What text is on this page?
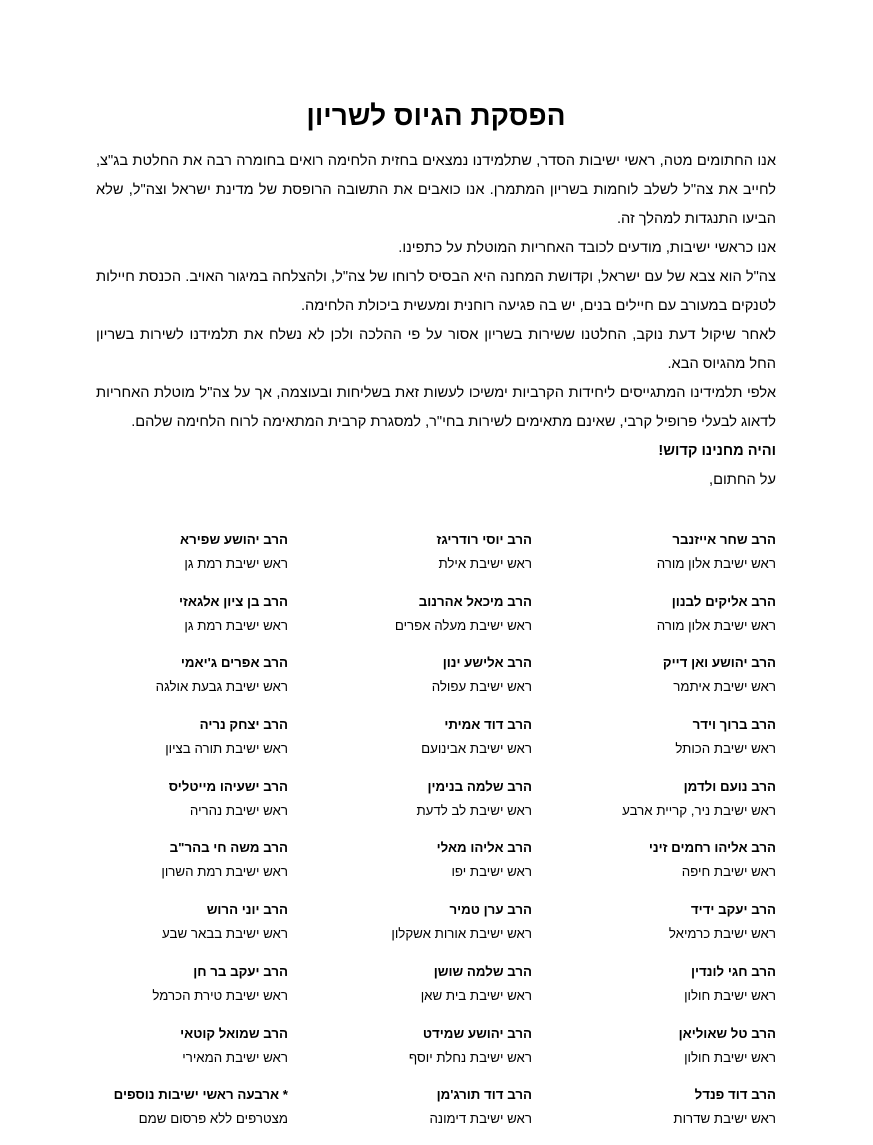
הפסקת הגיוס לשריון

אנו החתומים מטה, ראשי ישיבות הסדר, שתלמידנו נמצאים בחזית הלחימה רואים בחומרה רבה את החלטת בג"צ, לחייב את צה"ל לשלב לוחמות בשריון המתמרן. אנו כואבים את התשובה הרופסת של מדינת ישראל וצה"ל, שלא הביעו התנגדות למהלך זה.

אנו כראשי ישיבות, מודעים לכובד האחריות המוטלת על כתפינו.

צה"ל הוא צבא של עם ישראל, וקדושת המחנה היא הבסיס לרוחו של צה"ל, ולהצלחה במיגור האויב. הכנסת חיילות לטנקים במעורב עם חיילים בנים, יש בה פגיעה רוחנית ומעשית ביכולת הלחימה.

לאחר שיקול דעת נוקב, החלטנו ששירות בשריון אסור על פי ההלכה ולכן לא נשלח את תלמידנו לשירות בשריון החל מהגיוס הבא.

אלפי תלמידינו המתגייסים ליחידות הקרביות ימשיכו לעשות זאת בשליחות ובעוצמה, אך על צה"ל מוטלת האחריות לדאוג לבעלי פרופיל קרבי, שאינם מתאימים לשירות בחי"ר, למסגרת קרבית המתאימה לרוח הלחימה שלהם.

והיה מחנינו קדוש!

על החתום,

הרב שחר אייזנבר
ראש ישיבת אלון מורה
הרב יוסי רודריגז
ראש ישיבת אילת
הרב יהושע שפירא
ראש ישיבת רמת גן
הרב אליקים לבנון
ראש ישיבת אלון מורה
הרב מיכאל אהרנוב
ראש ישיבת מעלה אפרים
הרב בן ציון אלגאזי
ראש ישיבת רמת גן
הרב יהושע ואן דייק
ראש ישיבת איתמר
הרב אלישע ינון
ראש ישיבת עפולה
הרב אפרים ג'יאמי
ראש ישיבת גבעת אולגה
הרב ברוך וידר
ראש ישיבת הכותל
הרב דוד אמיתי
ראש ישיבת אבינועם
הרב יצחק נריה
ראש ישיבת תורה בציון
הרב נועם ולדמן
ראש ישיבת ניר, קריית ארבע
הרב שלמה בנימין
ראש ישיבת לב לדעת
הרב ישעיהו מייטליס
ראש ישיבת נהריה
הרב אליהו רחמים זיני
ראש ישיבת חיפה
הרב אליהו מאלי
ראש ישיבת יפו
הרב משה חי בהר"ב
ראש ישיבת רמת השרון
הרב יעקב ידיד
ראש ישיבת כרמיאל
הרב ערן טמיר
ראש ישיבת אורות אשקלון
הרב יוני הרוש
ראש ישיבת בבאר שבע
הרב חגי לונדין
ראש ישיבת חולון
הרב שלמה שושן
ראש ישיבת בית שאן
הרב יעקב בר חן
ראש ישיבת טירת הכרמל
הרב טל שאוליאן
ראש ישיבת חולון
הרב יהושע שמידט
ראש ישיבת נחלת יוסף
הרב שמואל קוטאי
ראש ישיבת המאירי
הרב דוד פנדל
ראש ישיבת שדרות
הרב דוד תורג'מן
ראש ישיבת דימונה
* ארבעה ראשי ישיבות נוספים
מצטרפים ללא פרסום שמם
